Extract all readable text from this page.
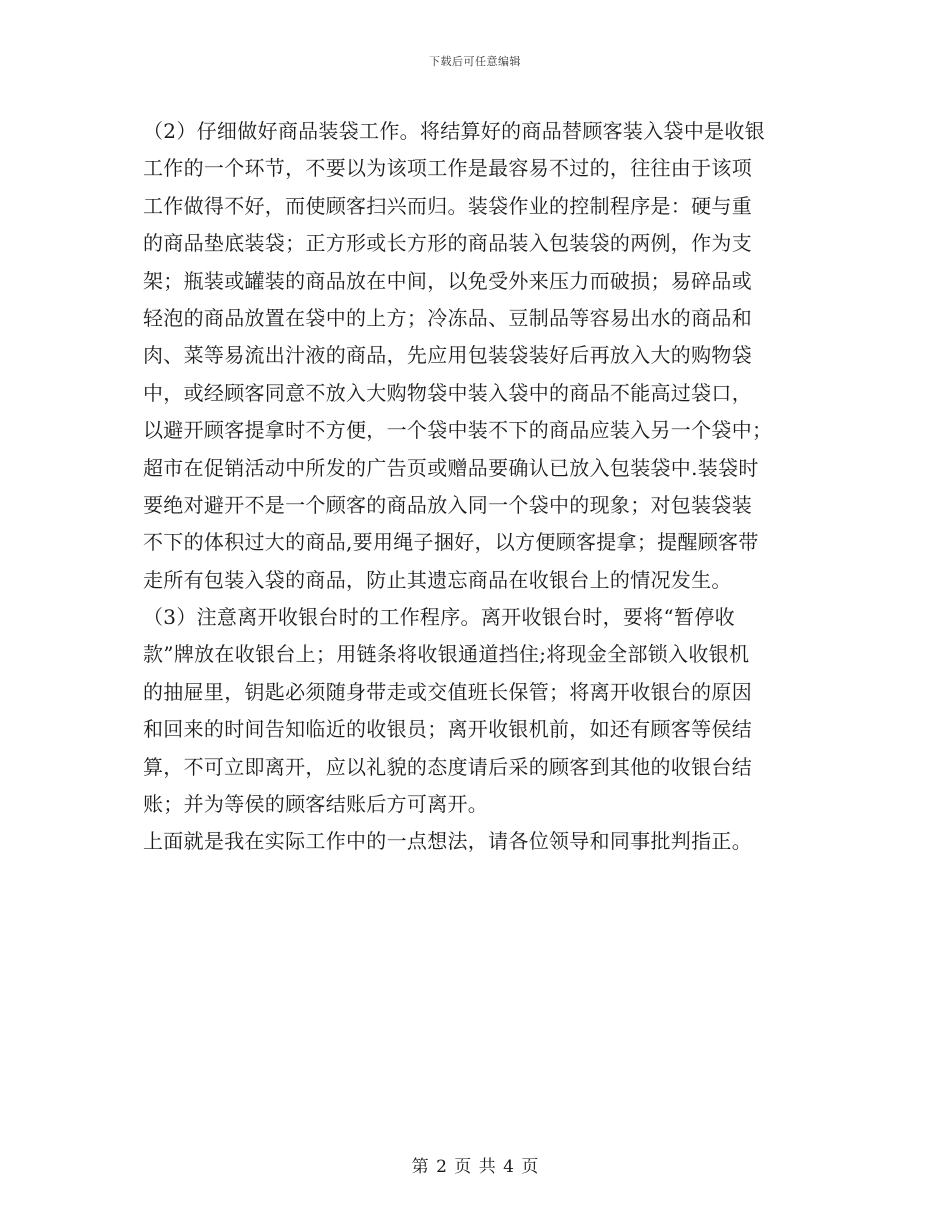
下载后可任意编辑
（2）仔细做好商品装袋工作。将结算好的商品替顾客装入袋中是收银
工作的一个环节，不要以为该项工作是最容易不过的，往往由于该项
工作做得不好，而使顾客扫兴而归。装袋作业的控制程序是：硬与重
的商品垫底装袋；正方形或长方形的商品装入包装袋的两例，作为支
架；瓶装或罐装的商品放在中间，以免受外来压力而破损；易碎品或
轻泡的商品放置在袋中的上方；冷冻品、豆制品等容易出水的商品和
肉、菜等易流出汁液的商品，先应用包装袋装好后再放入大的购物袋
中，或经顾客同意不放入大购物袋中装入袋中的商品不能高过袋口，
以避开顾客提拿时不方便，一个袋中装不下的商品应装入另一个袋中；
超市在促销活动中所发的广告页或赠品要确认已放入包装袋中.装袋时
要绝对避开不是一个顾客的商品放入同一个袋中的现象；对包装袋装
不下的体积过大的商品,要用绳子捆好，以方便顾客提拿；提醒顾客带
走所有包装入袋的商品，防止其遗忘商品在收银台上的情况发生。
（3）注意离开收银台时的工作程序。离开收银台时，要将“暂停收
款”牌放在收银台上；用链条将收银通道挡住;将现金全部锁入收银机
的抽屉里，钥匙必须随身带走或交值班长保管；将离开收银台的原因
和回来的时间告知临近的收银员；离开收银机前，如还有顾客等侯结
算，不可立即离开，应以礼貌的态度请后采的顾客到其他的收银台结
账；并为等侯的顾客结账后方可离开。
上面就是我在实际工作中的一点想法，请各位领导和同事批判指正。
第 2 页 共 4 页
